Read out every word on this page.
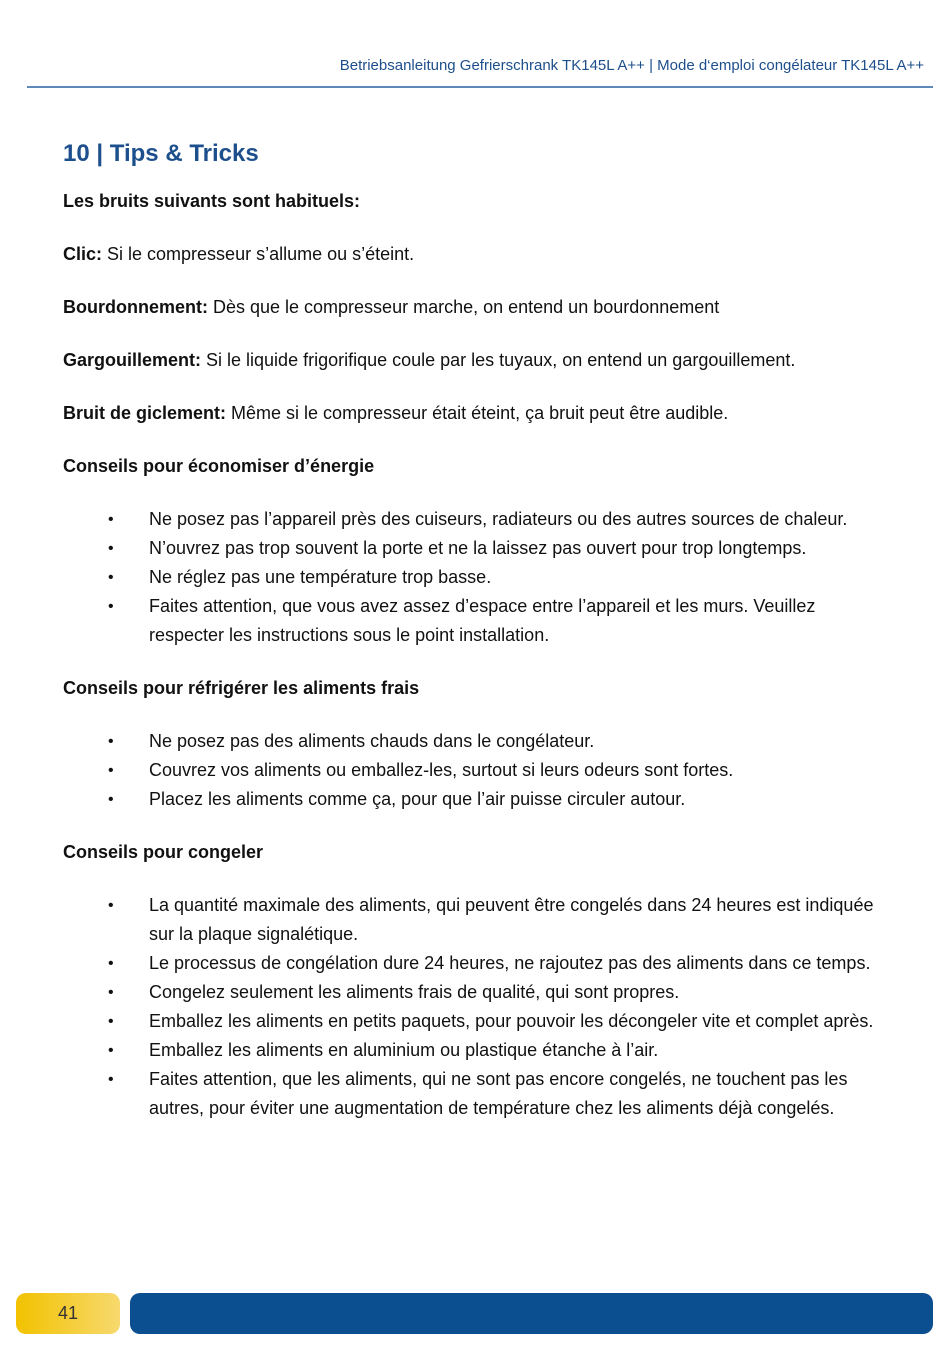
Betriebsanleitung Gefrierschrank TK145L A++ | Mode d‘emploi congélateur TK145L A++
10 | Tips & Tricks
Les bruits suivants sont habituels:
Clic: Si le compresseur s’allume ou s’éteint.
Bourdonnement: Dès que le compresseur marche, on entend un bourdonnement
Gargouillement: Si le liquide frigorifique coule par les tuyaux, on entend un gargouillement.
Bruit de giclement: Même si le compresseur était éteint, ça bruit peut être audible.
Conseils pour économiser d’énergie
• Ne posez pas l’appareil près des cuiseurs, radiateurs ou des autres sources de chaleur.
• N’ouvrez pas trop souvent la porte et ne la laissez pas ouvert pour trop longtemps.
• Ne réglez pas une température trop basse.
• Faites attention, que vous avez assez d’espace entre l’appareil et les murs. Veuillez respecter les instructions sous le point installation.
Conseils pour réfrigérer les aliments frais
• Ne posez pas des aliments chauds dans le congélateur.
• Couvrez vos aliments ou emballez-les, surtout si leurs odeurs sont fortes.
• Placez les aliments comme ça, pour que l’air puisse circuler autour.
Conseils pour congeler
• La quantité maximale des aliments, qui peuvent être congelés dans 24 heures est indiquée sur la plaque signalétique.
• Le processus de congélation dure 24 heures, ne rajoutez pas des aliments dans ce temps.
• Congelez seulement les aliments frais de qualité, qui sont propres.
• Emballez les aliments en petits paquets, pour pouvoir les décongeler vite et complet après.
• Emballez les aliments en aluminium ou plastique étanche à l’air.
• Faites attention, que les aliments, qui ne sont pas encore congelés, ne touchent pas les autres, pour éviter une augmentation de température chez les aliments déjà congelés.
41
